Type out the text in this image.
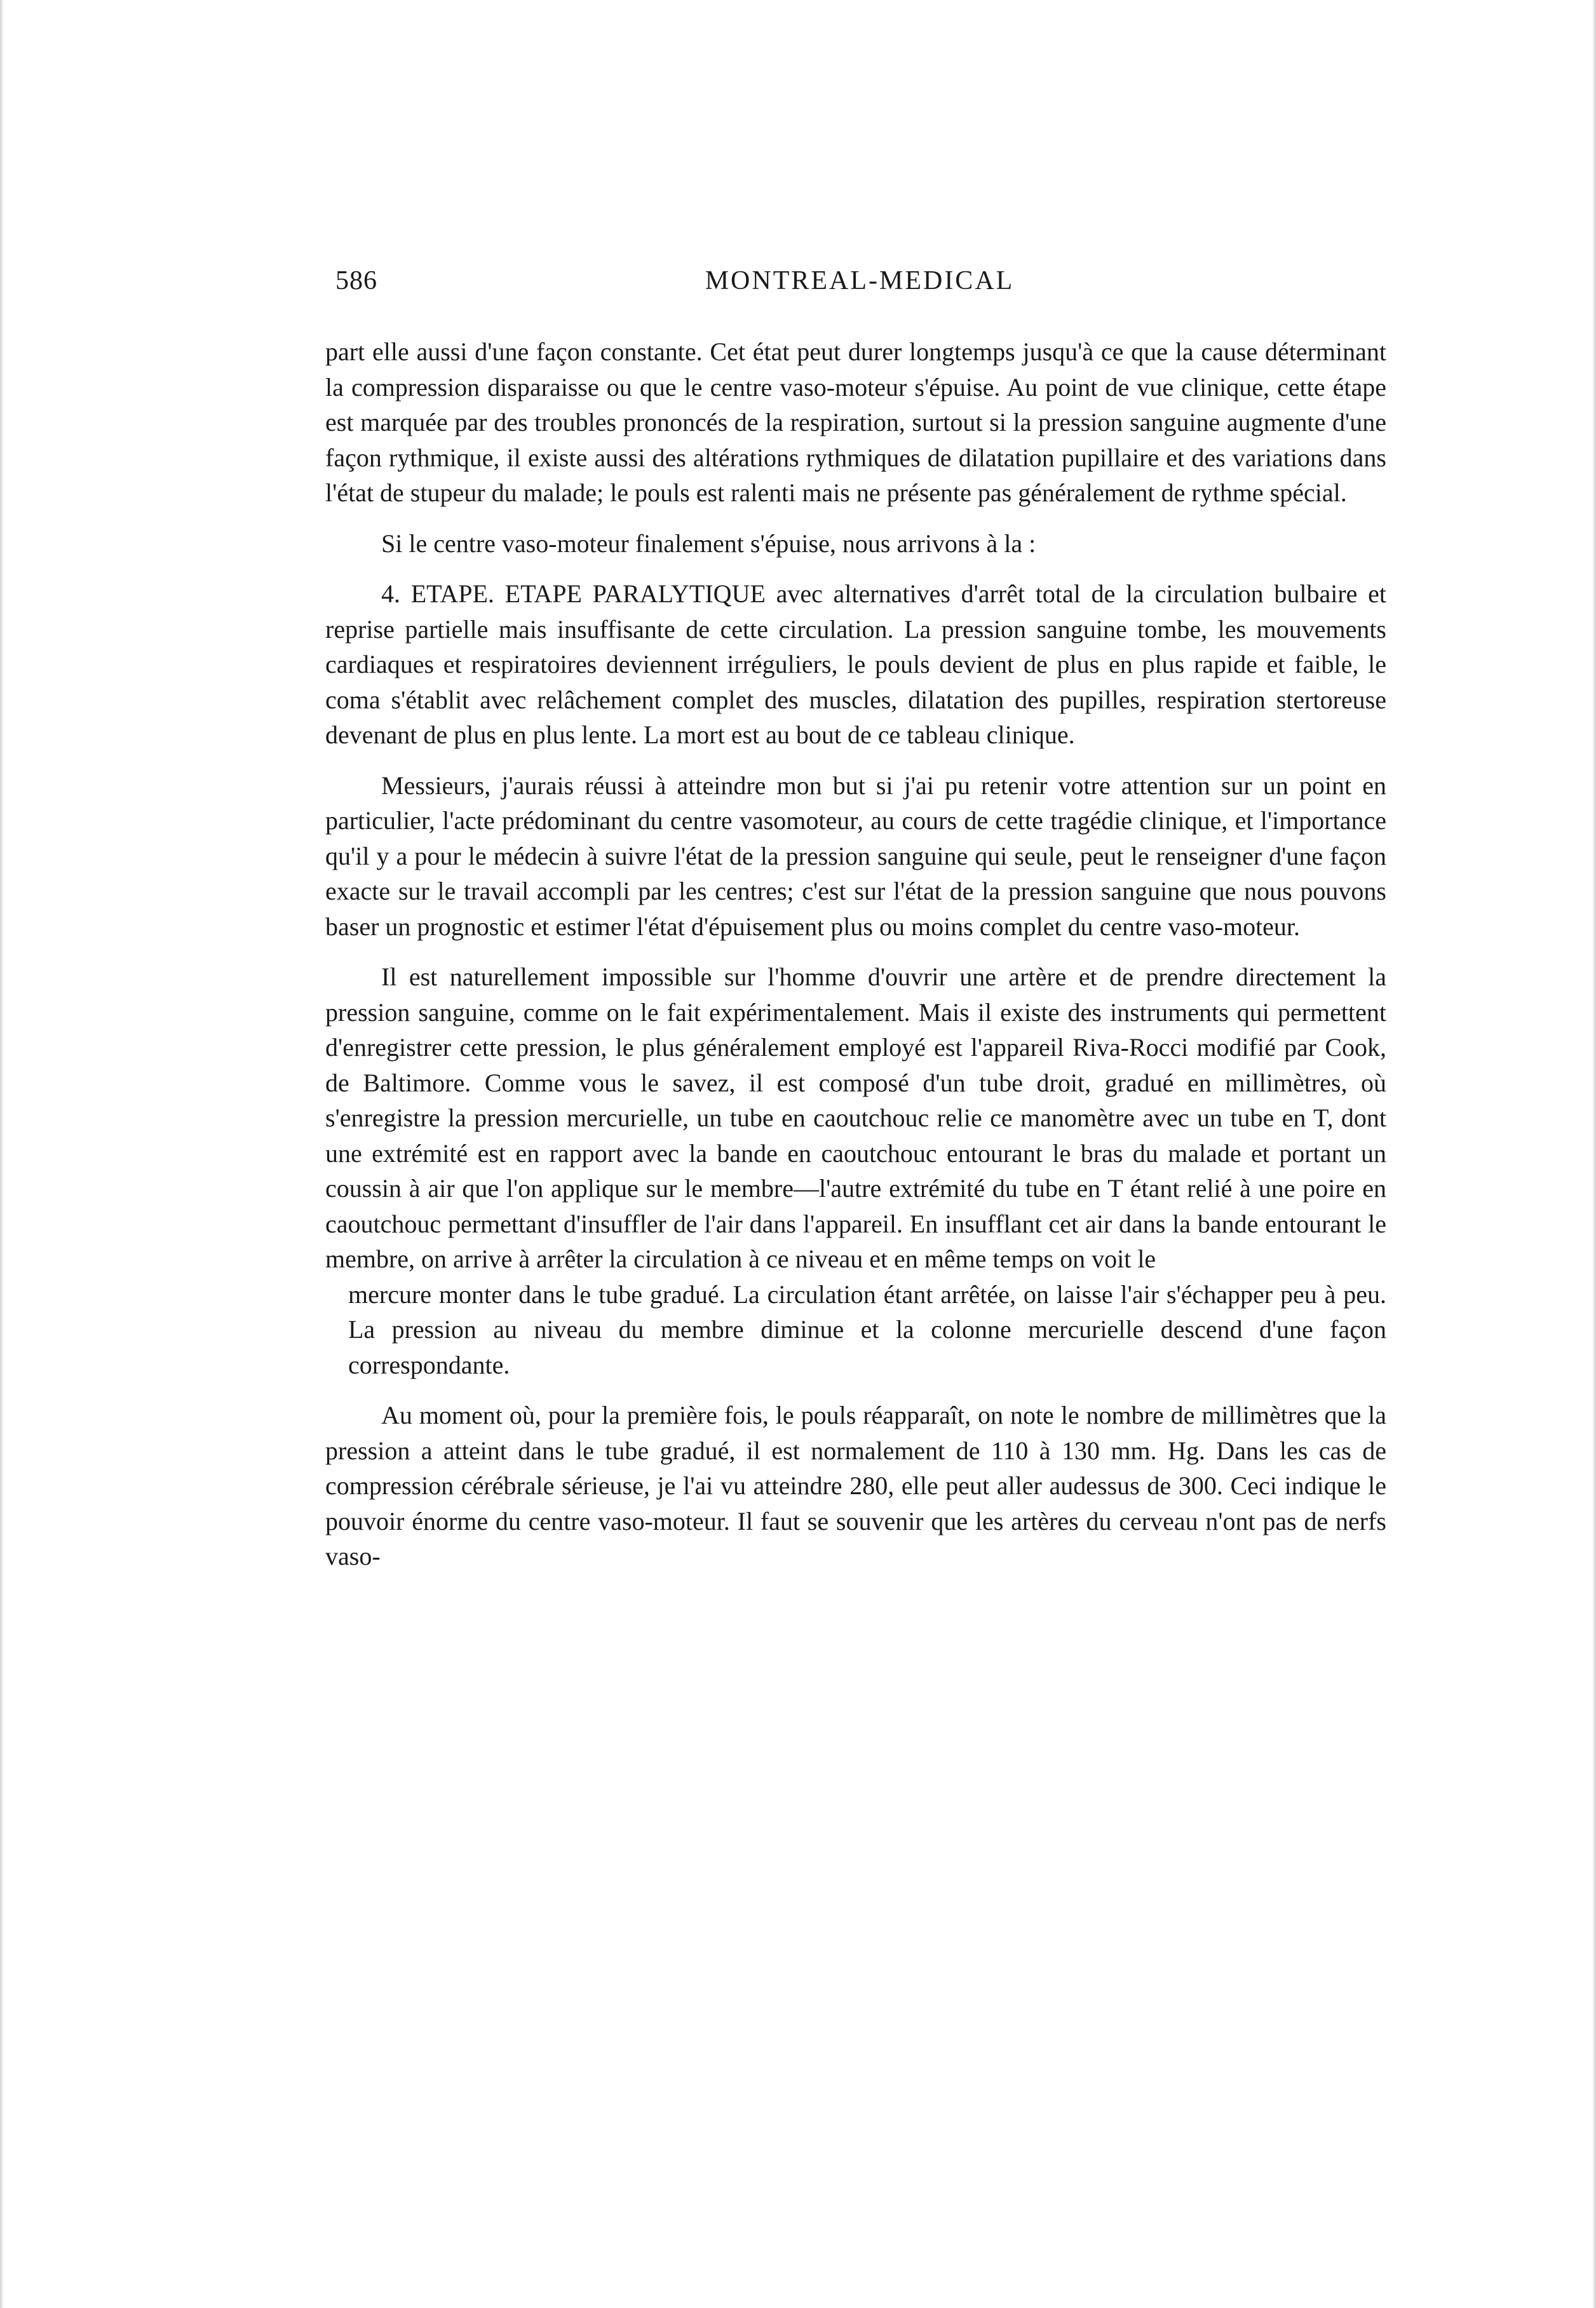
586	MONTREAL-MEDICAL

part elle aussi d'une façon constante. Cet état peut durer longtemps jusqu'à ce que la cause déterminant la compression disparaisse ou que le centre vaso-moteur s'épuise. Au point de vue clinique, cette étape est marquée par des troubles prononcés de la respiration, surtout si la pression sanguine augmente d'une façon rythmique, il existe aussi des altérations rythmiques de dilatation pupillaire et des variations dans l'état de stupeur du malade; le pouls est ralenti mais ne présente pas généralement de rythme spécial.

Si le centre vaso-moteur finalement s'épuise, nous arrivons à la :

4. ETAPE. ETAPE PARALYTIQUE avec alternatives d'arrêt total de la circulation bulbaire et reprise partielle mais insuffisante de cette circulation. La pression sanguine tombe, les mouvements cardiaques et respiratoires deviennent irréguliers, le pouls devient de plus en plus rapide et faible, le coma s'établit avec relâchement complet des muscles, dilatation des pupilles, respiration stertoreuse devenant de plus en plus lente. La mort est au bout de ce tableau clinique.

Messieurs, j'aurais réussi à atteindre mon but si j'ai pu retenir votre attention sur un point en particulier, l'acte prédominant du centre vasomoteur, au cours de cette tragédie clinique, et l'importance qu'il y a pour le médecin à suivre l'état de la pression sanguine qui seule, peut le renseigner d'une façon exacte sur le travail accompli par les centres; c'est sur l'état de la pression sanguine que nous pouvons baser un prognostic et estimer l'état d'épuisement plus ou moins complet du centre vaso-moteur.

Il est naturellement impossible sur l'homme d'ouvrir une artère et de prendre directement la pression sanguine, comme on le fait expérimentalement. Mais il existe des instruments qui permettent d'enregistrer cette pression, le plus généralement employé est l'appareil Riva-Rocci modifié par Cook, de Baltimore. Comme vous le savez, il est composé d'un tube droit, gradué en millimètres, où s'enregistre la pression mercurielle, un tube en caoutchouc relie ce manomètre avec un tube en T, dont une extrémité est en rapport avec la bande en caoutchouc entourant le bras du malade et portant un coussin à air que l'on applique sur le membre—l'autre extrémité du tube en T étant relié à une poire en caoutchouc permettant d'insuffler de l'air dans l'appareil. En insufflant cet air dans la bande entourant le membre, on arrive à arrêter la circulation à ce niveau et en même temps on voit le

mercure monter dans le tube gradué. La circulation étant arrêtée, on laisse l'air s'échapper peu à peu. La pression au niveau du membre diminue et la colonne mercurielle descend d'une façon correspondante.

Au moment où, pour la première fois, le pouls réapparaît, on note le nombre de millimètres que la pression a atteint dans le tube gradué, il est normalement de 110 à 130 mm. Hg. Dans les cas de compression cérébrale sérieuse, je l'ai vu atteindre 280, elle peut aller audessus de 300. Ceci indique le pouvoir énorme du centre vaso-moteur. Il faut se souvenir que les artères du cerveau n'ont pas de nerfs vaso-
